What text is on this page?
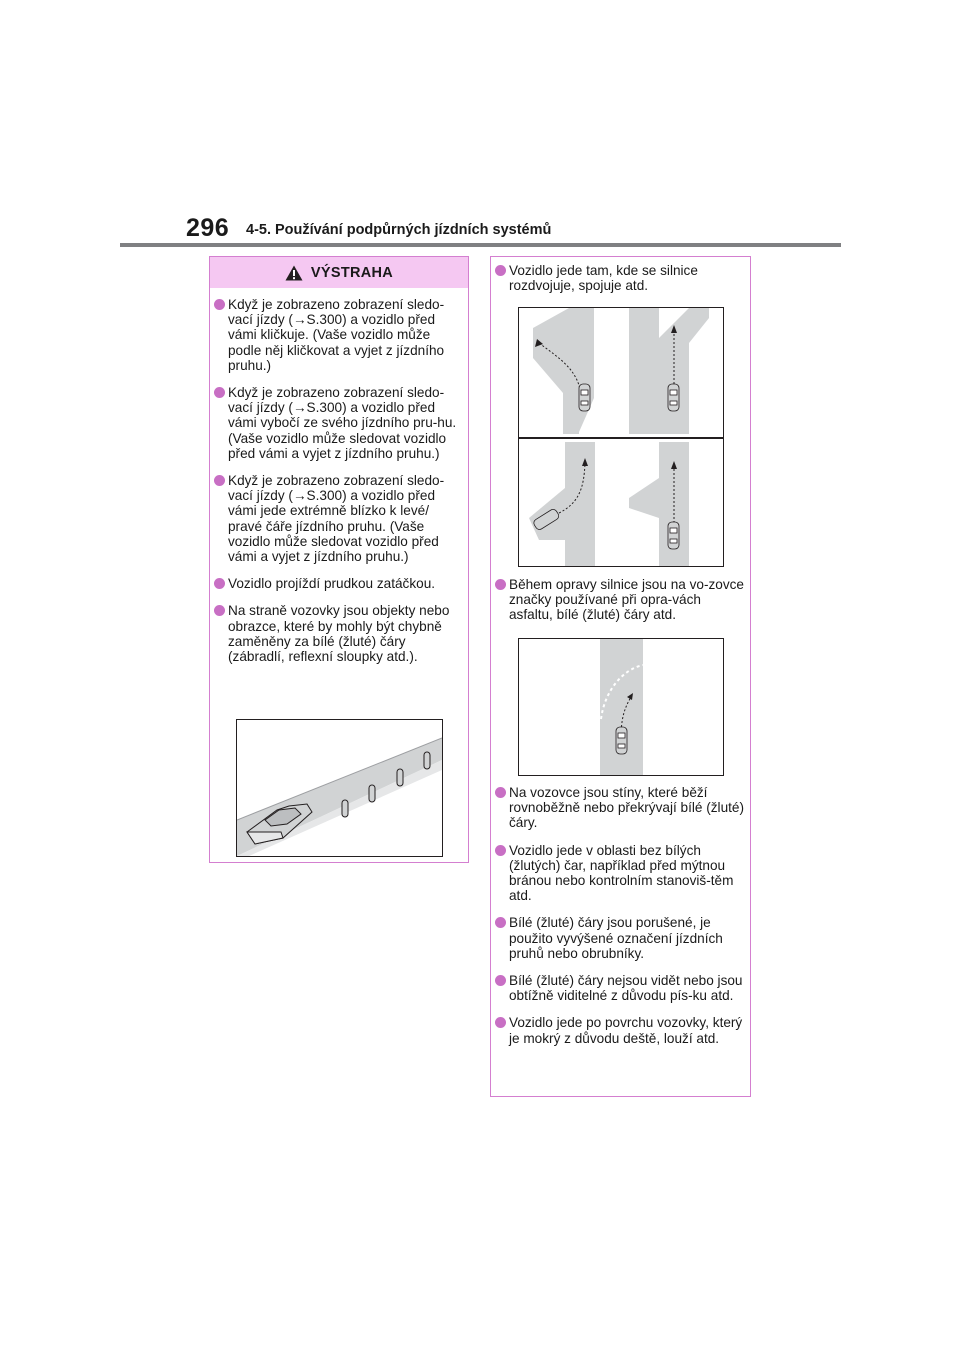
296 4-5. Používání podpůrných jízdních systémů
VÝSTRAHA
Když je zobrazeno zobrazení sledo-vací jízdy (→S.300) a vozidlo před vámi kličkuje. (Vaše vozidlo může podle něj kličkovat a vyjet z jízdního pruhu.)
Když je zobrazeno zobrazení sledo-vací jízdy (→S.300) a vozidlo před vámi vybočí ze svého jízdního pru-hu. (Vaše vozidlo může sledovat vozidlo před vámi a vyjet z jízdního pruhu.)
Když je zobrazeno zobrazení sledo-vací jízdy (→S.300) a vozidlo před vámi jede extrémně blízko k levé/ pravé čáře jízdního pruhu. (Vaše vozidlo může sledovat vozidlo před vámi a vyjet z jízdního pruhu.)
Vozidlo projíždí prudkou zatáčkou.
Na straně vozovky jsou objekty nebo obrazce, které by mohly být chybně zaměněny za bílé (žluté) čáry (zábradlí, reflexní sloupky atd.).
Vozidlo jede tam, kde se silnice rozdvojuje, spojuje atd.
Během opravy silnice jsou na vo-zovce značky používané při opra-vách asfaltu, bílé (žluté) čáry atd.
Na vozovce jsou stíny, které běží rovnoběžně nebo překrývají bílé (žluté) čáry.
Vozidlo jede v oblasti bez bílých (žlutých) čar, například před mýtnou bránou nebo kontrolním stanoviš-těm atd.
Bílé (žluté) čáry jsou porušené, je použito vyvýšené označení jízdních pruhů nebo obrubníky.
Bílé (žluté) čáry nejsou vidět nebo jsou obtížně viditelné z důvodu pís-ku atd.
Vozidlo jede po povrchu vozovky, který je mokrý z důvodu deště, louží atd.
